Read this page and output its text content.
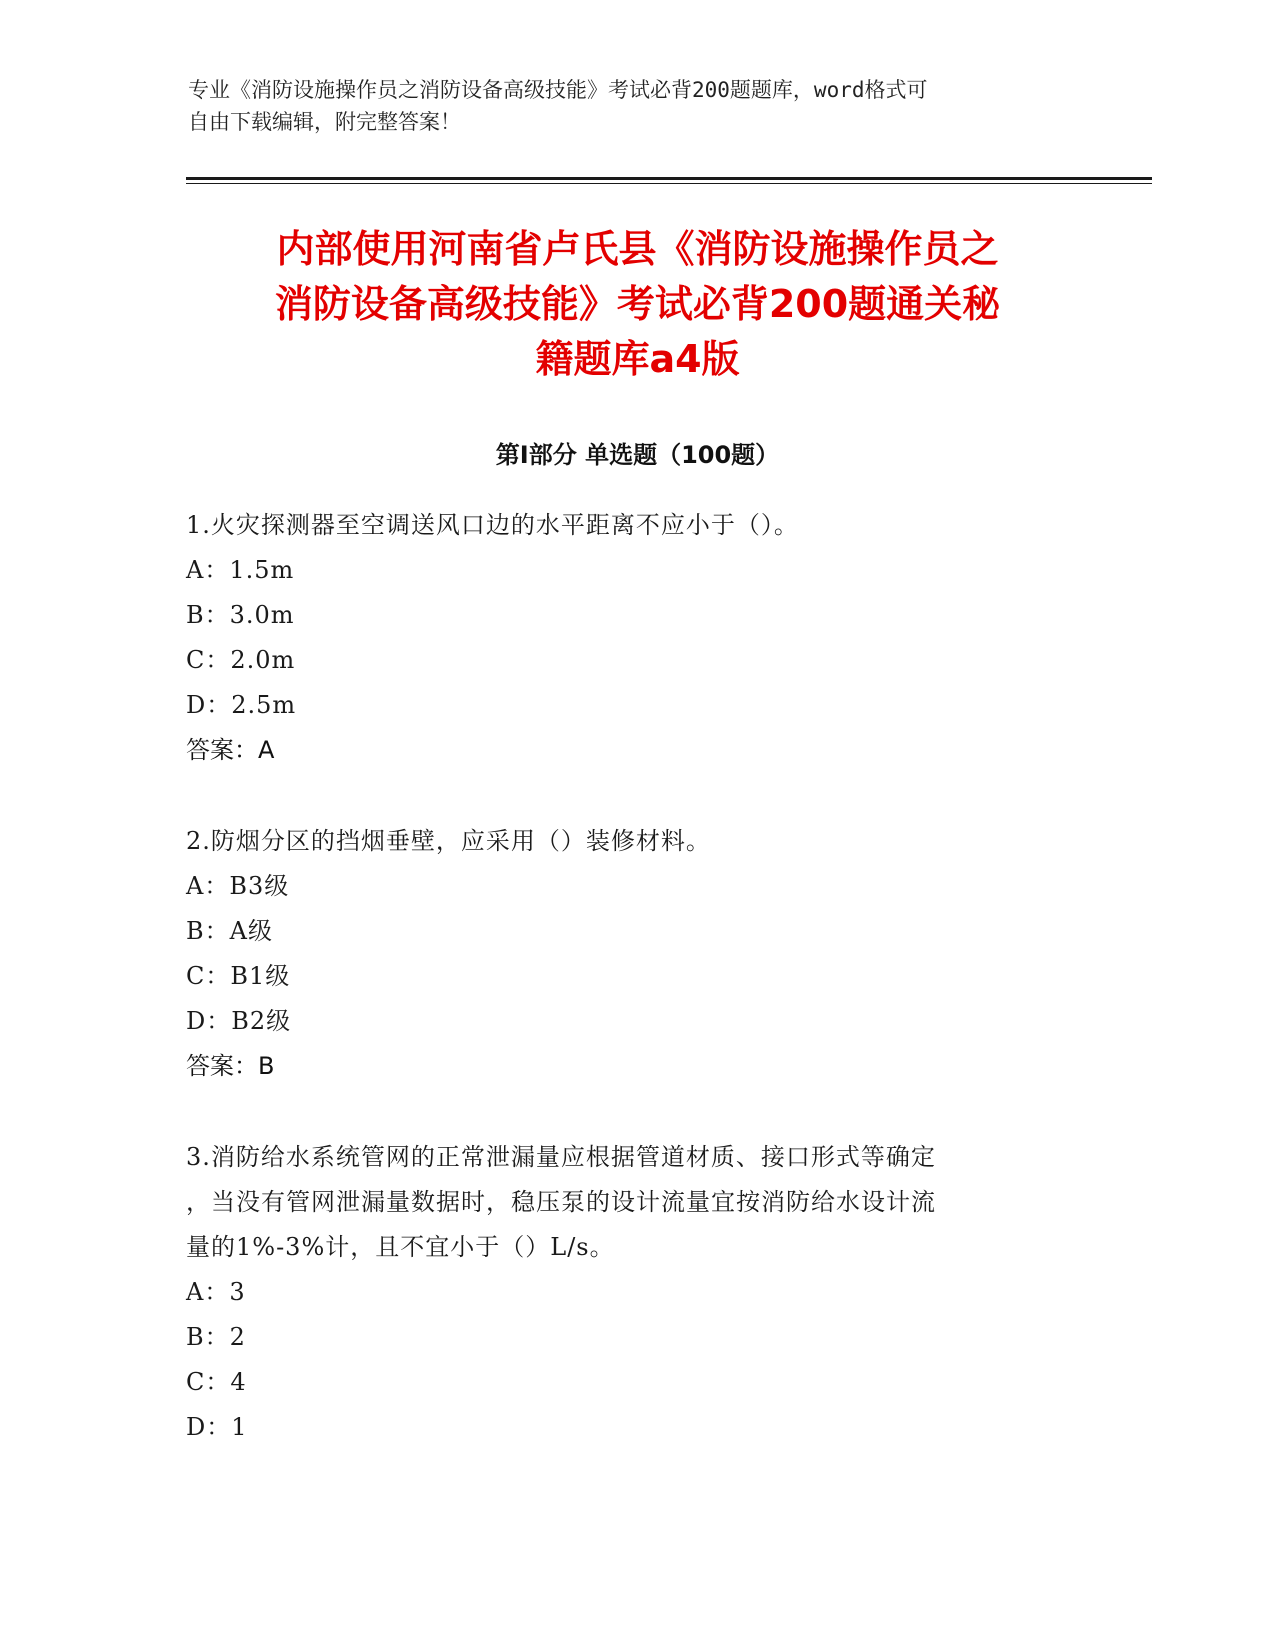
专业《消防设施操作员之消防设备高级技能》考试必背200题题库，word格式可
自由下载编辑，附完整答案！
内部使用河南省卢氏县《消防设施操作员之
消防设备高级技能》考试必背200题通关秘
籍题库a4版
第Ⅰ部分 单选题（100题）
1.火灾探测器至空调送风口边的水平距离不应小于（）。
A：1.5m
B：3.0m
C：2.0m
D：2.5m
答案：A
2.防烟分区的挡烟垂壁，应采用（）装修材料。
A：B3级
B：A级
C：B1级
D：B2级
答案：B
3.消防给水系统管网的正常泄漏量应根据管道材质、接口形式等确定
，当没有管网泄漏量数据时，稳压泵的设计流量宜按消防给水设计流
量的1%-3%计，且不宜小于（）L/s。
A：3
B：2
C：4
D：1
